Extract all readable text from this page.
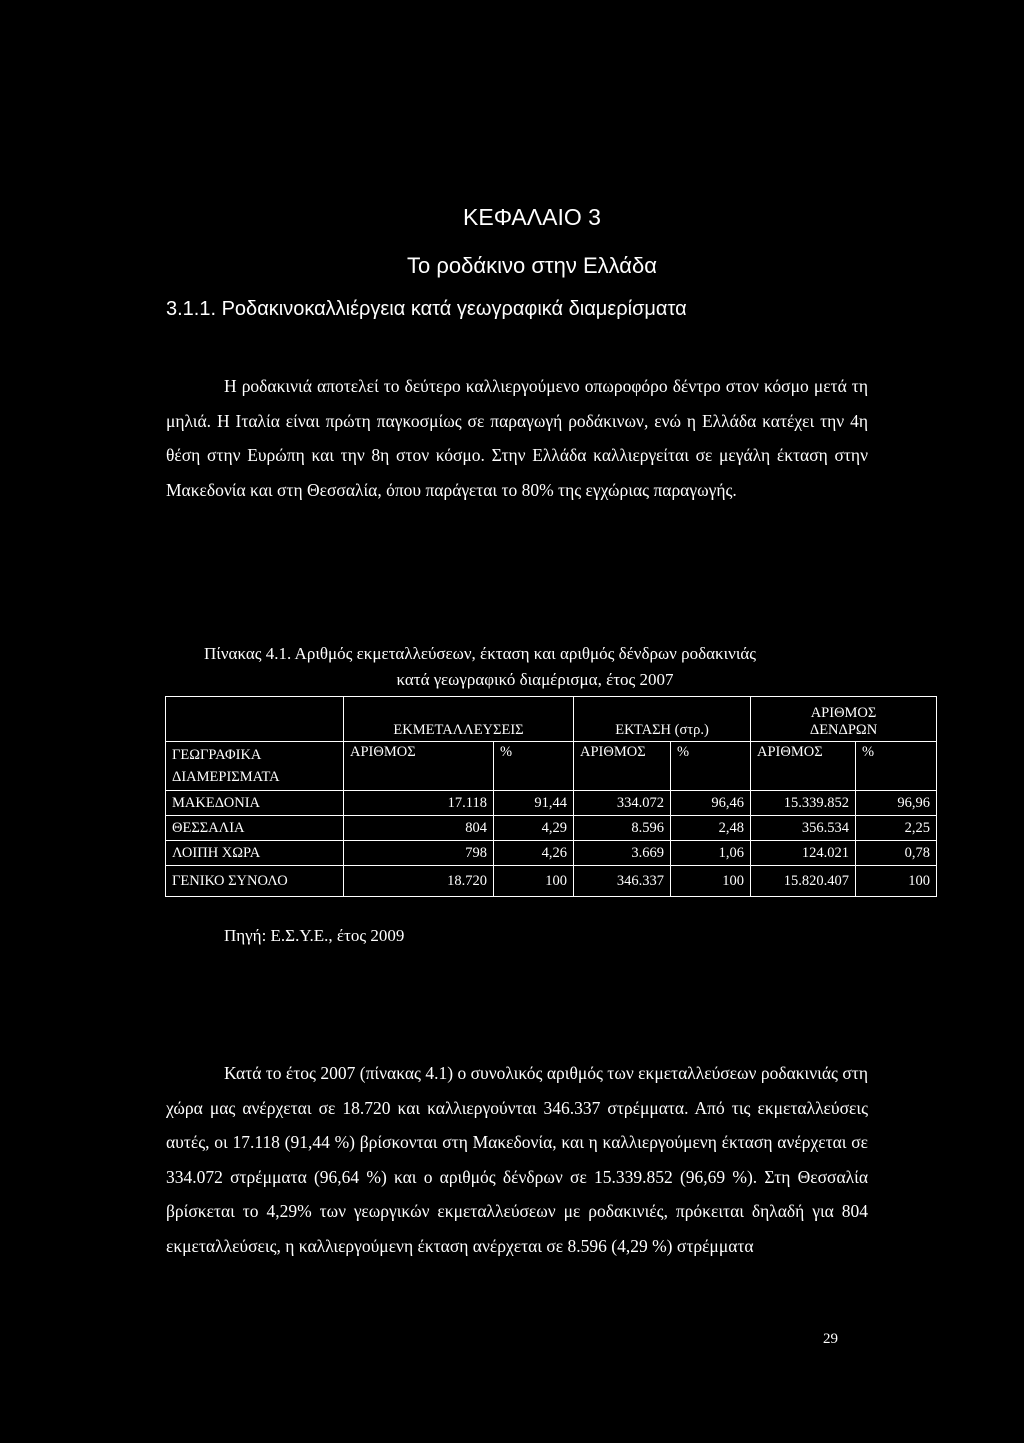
ΚΕΦΑΛΑΙΟ 3
Το ροδάκινο στην Ελλάδα
3.1.1. Ροδακινοκαλλιέργεια κατά γεωγραφικά διαμερίσματα
Η ροδακινιά αποτελεί το δεύτερο καλλιεργούμενο οπωροφόρο δέντρο στον κόσμο μετά τη μηλιά. Η Ιταλία είναι πρώτη παγκοσμίως σε παραγωγή ροδάκινων, ενώ η Ελλάδα κατέχει την 4η θέση στην Ευρώπη και την 8η στον κόσμο. Στην Ελλάδα καλλιεργείται σε μεγάλη έκταση στην Μακεδονία και στη Θεσσαλία, όπου παράγεται το 80% της εγχώριας παραγωγής.
Πίνακας 4.1. Αριθμός εκμεταλλεύσεων, έκταση και αριθμός δένδρων ροδακινιάς
κατά γεωγραφικό διαμέρισμα, έτος 2007
	ΕΚΜΕΤΑΛΛΕΥΣΕΙΣ		ΕΚΤΑΣΗ (στρ.)		ΑΡΙΘΜΟΣ
ΔΕΝΔΡΩΝ	

ΓΕΩΓΡΑΦΙΚΑ
ΔΙΑΜΕΡΙΣΜΑΤΑ	ΑΡΙΘΜΟΣ	%	ΑΡΙΘΜΟΣ	%	ΑΡΙΘΜΟΣ	%
ΜΑΚΕΔΟΝΙΑ	17.118	91,44	334.072	96,46	15.339.852	96,96
ΘΕΣΣΑΛΙΑ	804	4,29	8.596	2,48	356.534	2,25
ΛΟΙΠΗ ΧΩΡΑ	798	4,26	3.669	1,06	124.021	0,78
ΓΕΝΙΚΟ ΣΥΝΟΛΟ	18.720	100	346.337	100	15.820.407	100
Πηγή: Ε.Σ.Υ.Ε., έτος 2009
Κατά το έτος 2007 (πίνακας 4.1) ο συνολικός αριθμός των εκμεταλλεύσεων ροδακινιάς στη χώρα μας ανέρχεται σε 18.720 και καλλιεργούνται 346.337 στρέμματα. Από τις εκμεταλλεύσεις αυτές, οι 17.118 (91,44 %) βρίσκονται στη Μακεδονία, και η καλλιεργούμενη έκταση ανέρχεται σε 334.072 στρέμματα (96,64 %) και ο αριθμός δένδρων σε 15.339.852 (96,69 %). Στη Θεσσαλία βρίσκεται το 4,29% των γεωργικών εκμεταλλεύσεων με ροδακινιές, πρόκειται δηλαδή για 804 εκμεταλλεύσεις, η καλλιεργούμενη έκταση ανέρχεται σε 8.596 (4,29 %) στρέμματα
29
